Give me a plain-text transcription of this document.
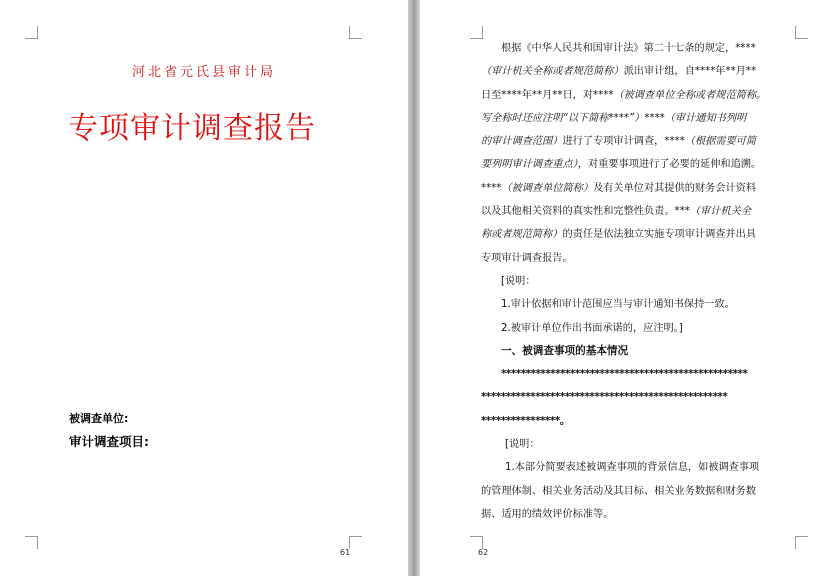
河北省元氏县审计局
专项审计调查报告
被调查单位:
审计调查项目:
61	62

根据《中华人民共和国审计法》第二十七条的规定，****

（审计机关全称或者规范简称）派出审计组，自****年**月**

日至****年**月**日，对****（被调查单位全称或者规范简称。

写全称时还应注明“以下简称****”）****（审计通知书列明

的审计调查范围）进行了专项审计调查，****（根据需要可简

要列明审计调查重点），对重要事项进行了必要的延伸和追溯。

****（被调查单位简称）及有关单位对其提供的财务会计资料

以及其他相关资料的真实性和完整性负责。***（审计机关全

称或者规范简称）的责任是依法独立实施专项审计调查并出具

专项审计调查报告。

[说明：

1.审计依据和审计范围应当与审计通知书保持一致。

2.被审计单位作出书面承诺的，应注明。]

一、被调查事项的基本情况

**************************************************

**************************************************

****************。

[说明：

1.本部分简要表述被调查事项的背景信息，如被调查事项

的管理体制、相关业务活动及其目标、相关业务数据和财务数

据、适用的绩效评价标准等。
